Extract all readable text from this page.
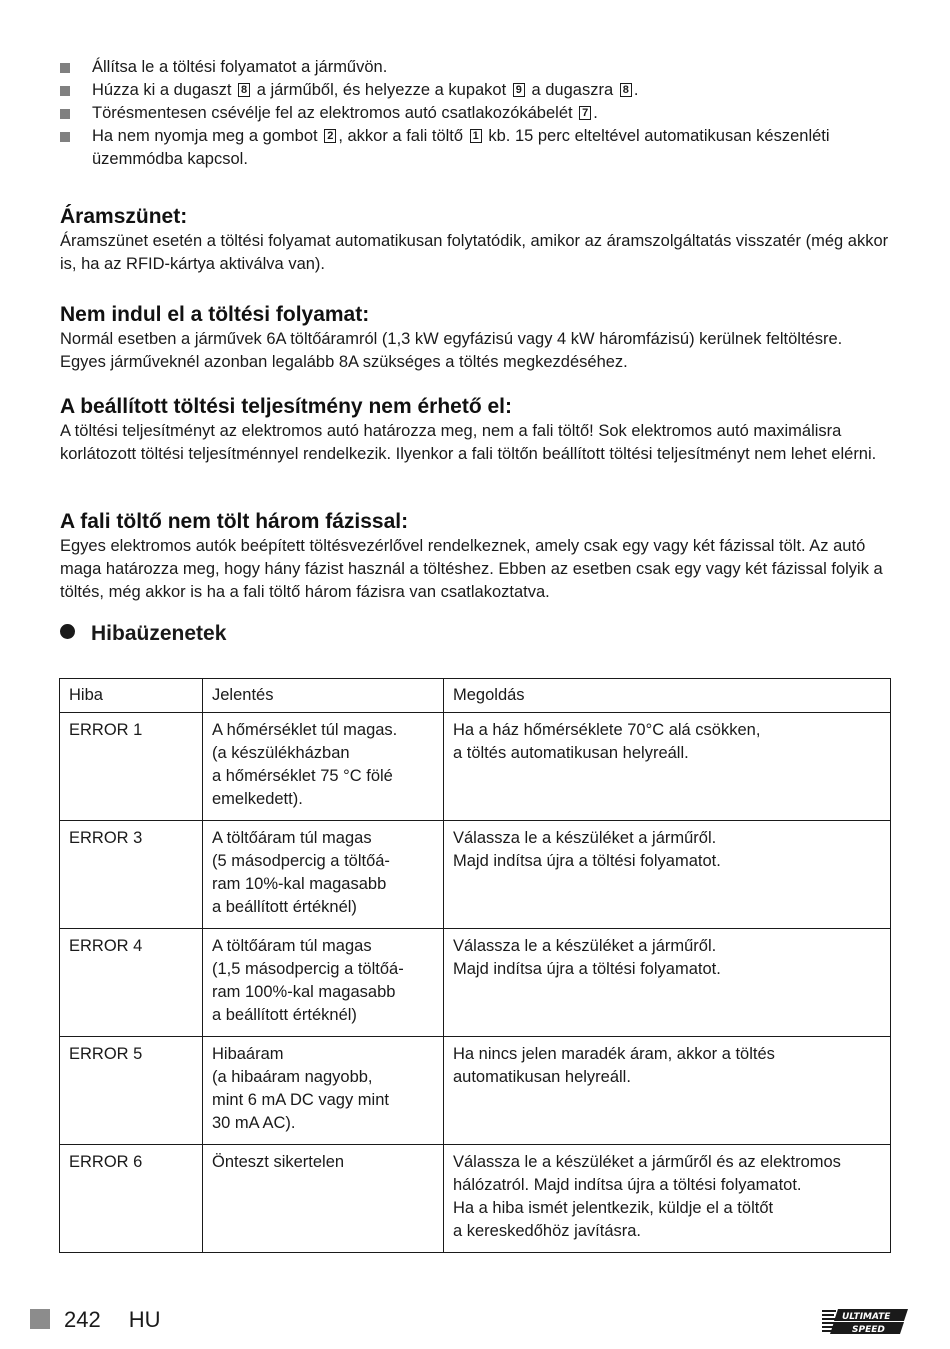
Állítsa le a töltési folyamatot a járművön.
Húzza ki a dugaszt 8 a járműből, és helyezze a kupakot 9 a dugaszra 8 .
Törésmentesen csévélje fel az elektromos autó csatlakozókábelét 7 .
Ha nem nyomja meg a gombot 2 , akkor a fali töltő 1 kb. 15 perc elteltével automatikusan készenléti üzemmódba kapcsol.
Áramszünet:

Áramszünet esetén a töltési folyamat automatikusan folytatódik, amikor az áramszolgáltatás visszatér (még akkor is, ha az RFID-kártya aktiválva van).

Nem indul el a töltési folyamat:

Normál esetben a járművek 6A töltőáramról (1,3 kW egyfázisú vagy 4 kW háromfázisú) kerülnek feltöltésre. Egyes járműveknél azonban legalább 8A szükséges a töltés megkezdéséhez.

A beállított töltési teljesítmény nem érhető el:

A töltési teljesítményt az elektromos autó határozza meg, nem a fali töltő! Sok elektromos autó maximálisra korlátozott töltési teljesítménnyel rendelkezik. Ilyenkor a fali töltőn beállított töltési teljesítményt nem lehet elérni.

A fali töltő nem tölt három fázissal:

Egyes elektromos autók beépített töltésvezérlővel rendelkeznek, amely csak egy vagy két fázissal tölt. Az autó maga határozza meg, hogy hány fázist használ a töltéshez. Ebben az esetben csak egy vagy két fázissal folyik a töltés, még akkor is ha a fali töltő három fázisra van csatlakoztatva.

Hibaüzenetek
Hiba	Jelentés	Megoldás
ERROR 1	A hőmérséklet túl magas.
(a készülékházban
a hőmérséklet 75 °C fölé
emelkedett).	Ha a ház hőmérséklete 70°C alá csökken,
a töltés automatikusan helyreáll.

ERROR 3	A töltőáram túl magas
(5 másodpercig a töltőá-
ram 10%-kal magasabb
a beállított értéknél)	Válassza le a készüléket a járműről.
Majd indítsa újra a töltési folyamatot.

ERROR 4	A töltőáram túl magas
(1,5 másodpercig a töltőá-
ram 100%-kal magasabb
a beállított értéknél)	Válassza le a készüléket a járműről.
Majd indítsa újra a töltési folyamatot.

ERROR 5	Hibaáram
(a hibaáram nagyobb,
mint 6 mA DC vagy mint
30 mA AC).	Ha nincs jelen maradék áram, akkor a töltés
automatikusan helyreáll.

ERROR 6	Önteszt sikertelen	Válassza le a készüléket a járműről és az elektromos
hálózatról. Majd indítsa újra a töltési folyamatot.
Ha a hiba ismét jelentkezik, küldje el a töltőt
a kereskedőhöz javításra.
242 HU	ULTIMATE
SPEED
